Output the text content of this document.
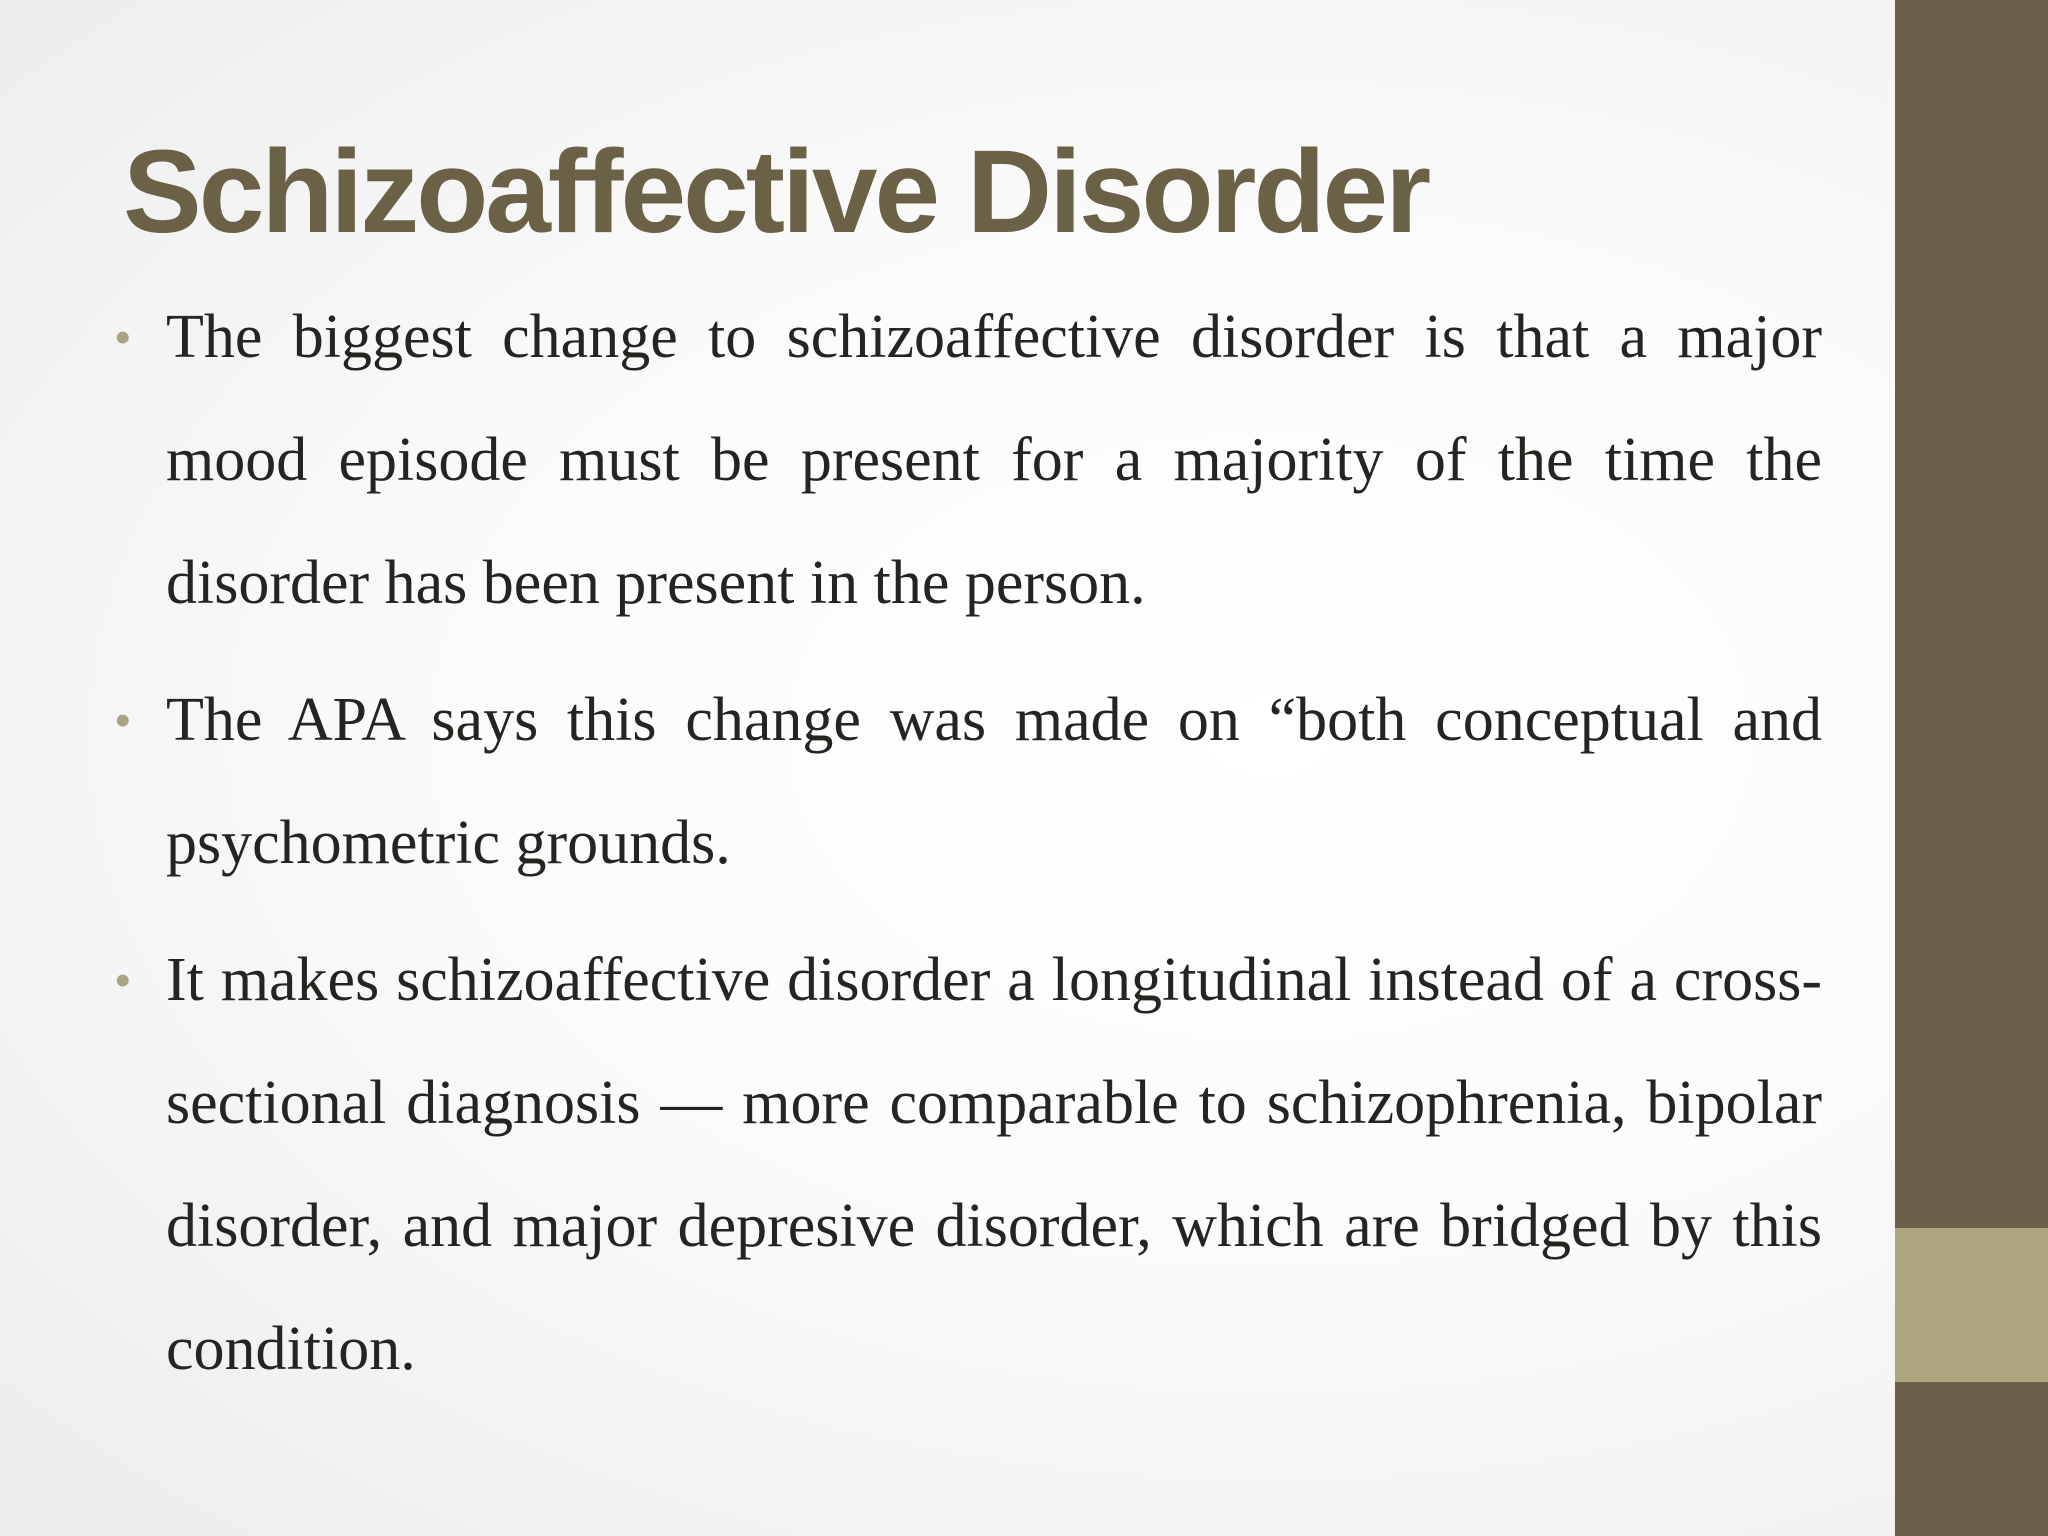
Schizoaffective Disorder
• The biggest change to schizoaffective disorder is that a major mood episode must be present for a majority of the time the disorder has been present in the person.
• The APA says this change was made on “both conceptual and psychometric grounds.
• It makes schizoaffective disorder a longitudinal instead of a cross-sectional diagnosis — more comparable to schizophrenia, bipolar disorder, and major depresive disorder, which are bridged by this condition.
